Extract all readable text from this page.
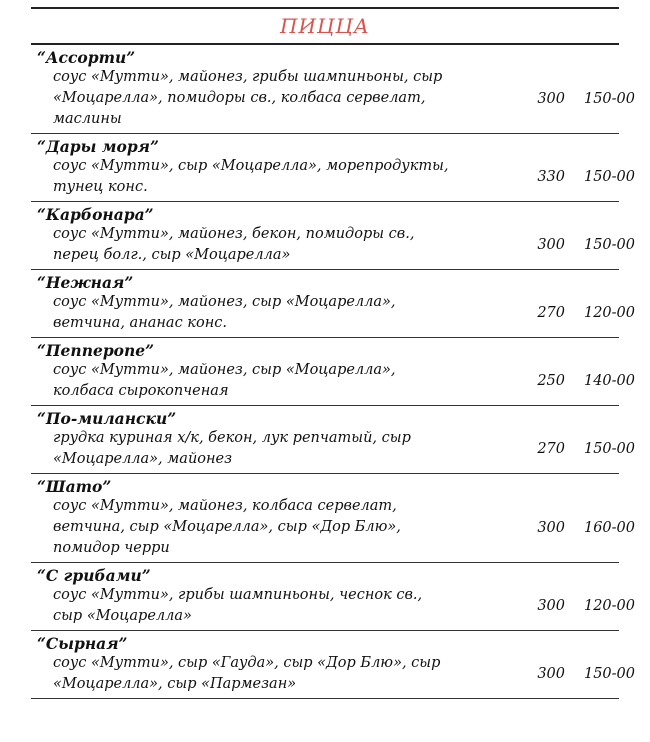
ПИЦЦА
“Ассорти”
соус «Мутти», майонез, грибы шампиньоны, сыр
«Моцарелла», помидоры св., колбаса сервелат,
маслины
300	150-00
“Дары моря”
соус «Мутти», сыр «Моцарелла», морепродукты,
тунец конс.
330	150-00
“Карбонара”
соус «Мутти», майонез, бекон, помидоры св.,
перец болг., сыр «Моцарелла»
300	150-00
“Нежная”
соус «Мутти», майонез, сыр «Моцарелла»,
ветчина, ананас конс.
270	120-00
“Пепперone”
соус «Мутти», майонез, сыр «Моцарелла»,
колбаса сырокопченая
250	140-00
“По-милански”
грудка куриная х/к, бекон, лук репчатый, сыр
«Моцарелла», майонез
270	150-00
“Шато”
соус «Мутти», майонез, колбаса сервелат,
ветчина, сыр «Моцарелла», сыр «Дор Блю»,
помидор черри
300	160-00
“С грибами”
соус «Мутти», грибы шампиньоны, чеснок св.,
сыр «Моцарелла»
300	120-00
“Сырная”
соус «Мутти», сыр «Гауда», сыр «Дор Блю», сыр
«Моцарелла», сыр «Пармезан»
300	150-00
